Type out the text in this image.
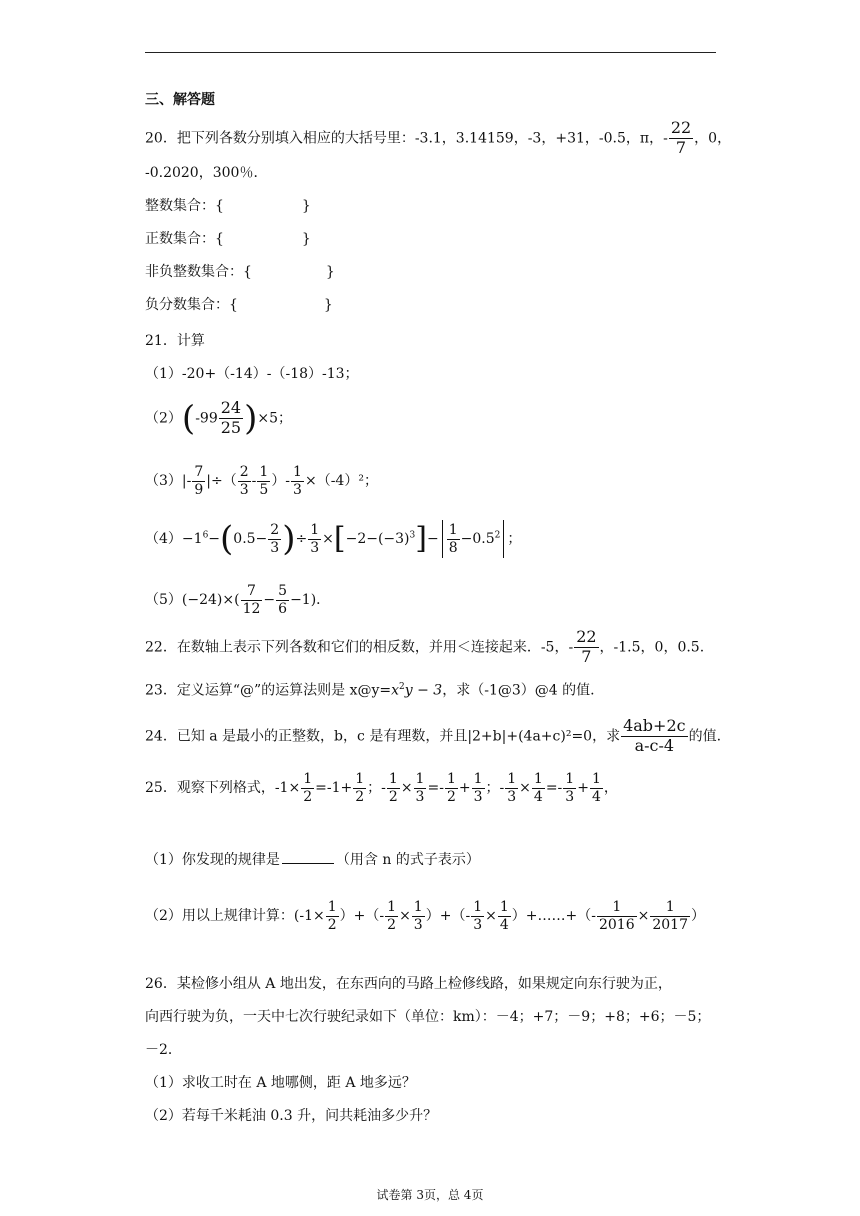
三、解答题
20．把下列各数分别填入相应的大括号里：-3.1，3.14159，-3，+31，-0.5，π，- $\frac{22}{7}$ ，0，
-0.2020，300％．
整数集合：{	}
正数集合：{	}
非负整数集合：{	}
负分数集合：{	}
21．计算
（1）-20+（-14）-（-18）-13；
$(2)(-99 \frac{24}{25} )\times 5$；
$(3)|- \frac{7}{9}$ |÷（ $\frac{2}{3} - \frac{1}{5}$ ）- $\frac{1}{3} \times(-4)^2$；
$(4)-1^6-(0.5- \frac{2}{3}$ )÷ $\frac{1}{3} \times[-2-(-3)^3]- \frac{1}{8} -0.5^2$ ；
$(5)(-24)\times( \frac{7}{12} - \frac{5}{6} -1)$．
22．在数轴上表示下列各数和它们的相反数，并用＜连接起来．-5，- $\frac{22}{7}$ ，-1.5，0，0.5.
23．定义运算“@”的运算法则是 $x@y=x^2y - 3$，求（-1@3）@4 的值.
24．已知 a 是最小的正整数，b，c 是有理数，并且|2+b|+(4a+c)²=0，求 $\frac{4ab+2c}{a-c-4}$ 的值.
25．观察下列格式，$-1\times \frac{1}{2} =-1+ \frac{1}{2}$ ；- $\frac{1}{2} \times \frac{1}{3} =- \frac{1}{2} + \frac{1}{3}$ ；- $\frac{1}{3} \times \frac{1}{4} =- \frac{1}{3} + \frac{1}{4}$ ，
（1）你发现的规律是	（用含 n 的式子表示）
（2）用以上规律计算：($-1\times \frac{1}{2}$ ）+（- $\frac{1}{2} \times \frac{1}{3}$ ）+（- $\frac{1}{3} \times \frac{1}{4}$ ）+……+（- $\frac{1}{2016} \times \frac{1}{2017}$ ）
26．某检修小组从 A 地出发，在东西向的马路上检修线路，如果规定向东行驶为正，
向西行驶为负，一天中七次行驶纪录如下（单位：km）：－4；+7；－9；+8；+6；－5；
－2．
（1）求收工时在 A 地哪侧，距 A 地多远？
（2）若每千米耗油 0.3 升，问共耗油多少升？
试卷第 3页，总 4页
